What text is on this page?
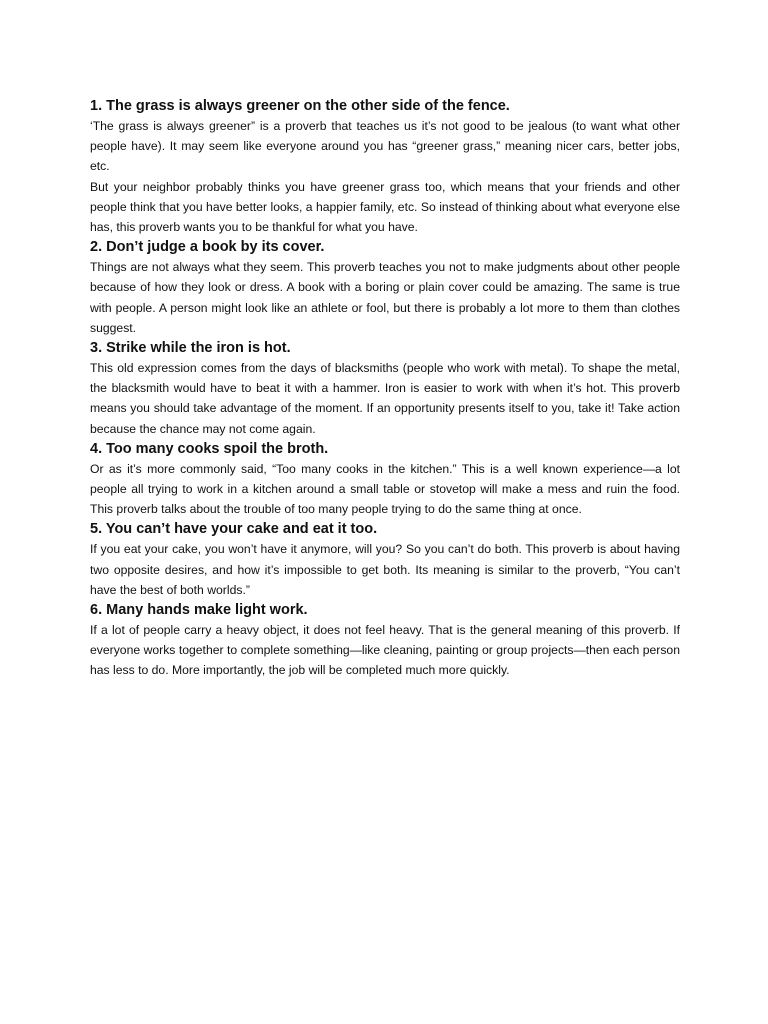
1. The grass is always greener on the other side of the fence.

‘The grass is always greener” is a proverb that teaches us it’s not good to be jealous (to want what other people have). It may seem like everyone around you has “greener grass,” meaning nicer cars, better jobs, etc.

But your neighbor probably thinks you have greener grass too, which means that your friends and other people think that you have better looks, a happier family, etc. So instead of thinking about what everyone else has, this proverb wants you to be thankful for what you have.

2. Don’t judge a book by its cover.

Things are not always what they seem. This proverb teaches you not to make judgments about other people because of how they look or dress. A book with a boring or plain cover could be amazing. The same is true with people. A person might look like an athlete or fool, but there is probably a lot more to them than clothes suggest.

3. Strike while the iron is hot.

This old expression comes from the days of blacksmiths (people who work with metal). To shape the metal, the blacksmith would have to beat it with a hammer. Iron is easier to work with when it’s hot. This proverb means you should take advantage of the moment. If an opportunity presents itself to you, take it! Take action because the chance may not come again.

4. Too many cooks spoil the broth.

Or as it’s more commonly said, “Too many cooks in the kitchen.” This is a well known experience—a lot people all trying to work in a kitchen around a small table or stovetop will make a mess and ruin the food. This proverb talks about the trouble of too many people trying to do the same thing at once.

5. You can’t have your cake and eat it too.

If you eat your cake, you won’t have it anymore, will you? So you can’t do both. This proverb is about having two opposite desires, and how it’s impossible to get both. Its meaning is similar to the proverb, “You can’t have the best of both worlds.”

6. Many hands make light work.

If a lot of people carry a heavy object, it does not feel heavy. That is the general meaning of this proverb. If everyone works together to complete something—like cleaning, painting or group projects—then each person has less to do. More importantly, the job will be completed much more quickly.
